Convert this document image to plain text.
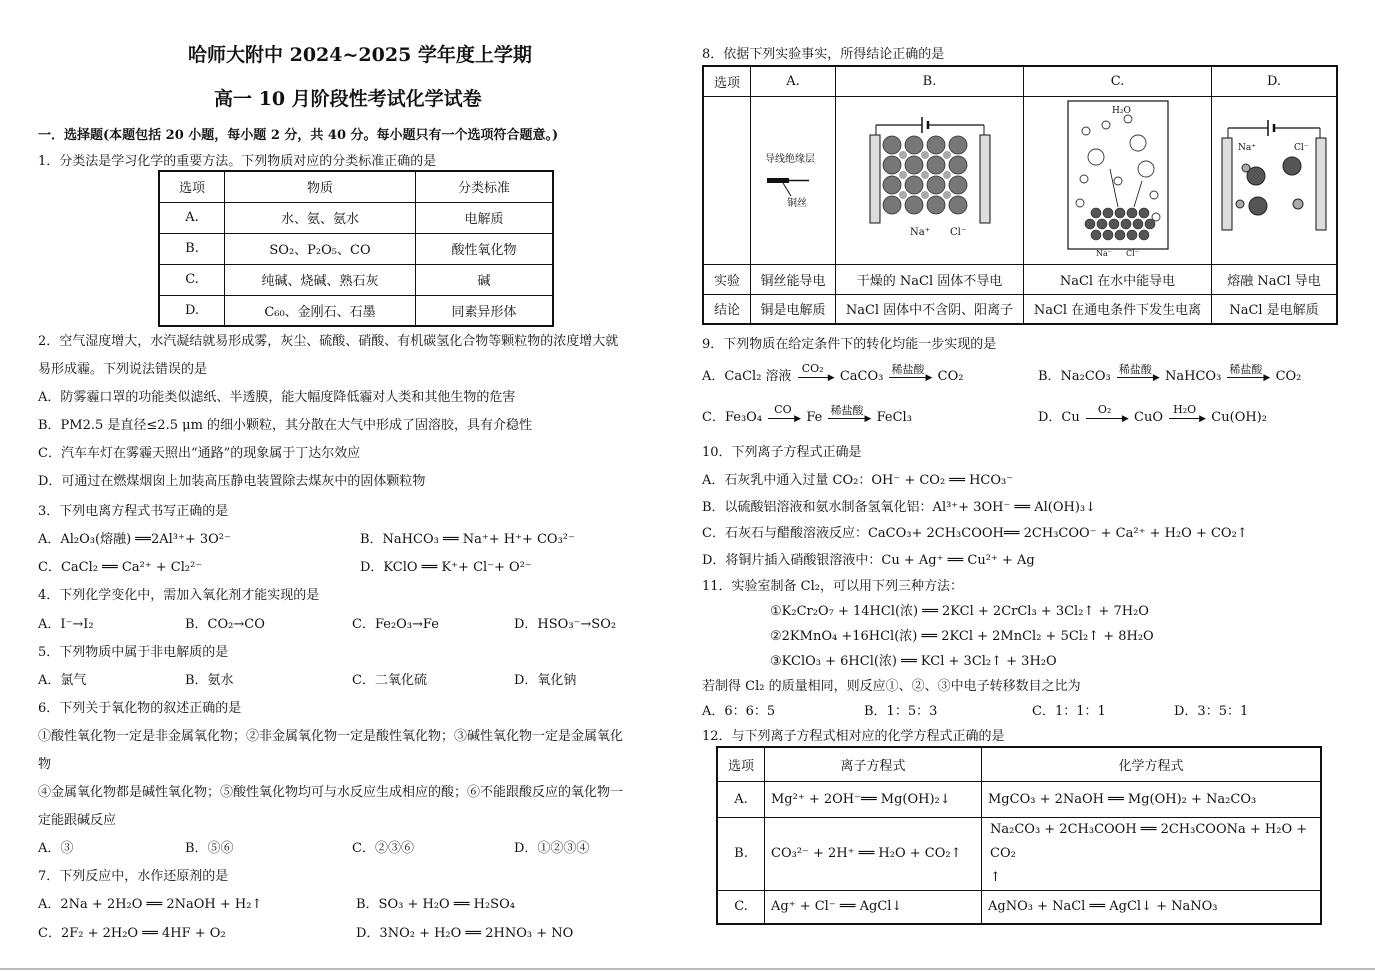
哈师大附中 2024~2025 学年度上学期
高一 10 月阶段性考试化学试卷
一．选择题(本题包括 20 小题，每小题 2 分，共 40 分。每小题只有一个选项符合题意。)
1．分类法是学习化学的重要方法。下列物质对应的分类标准正确的是
选项	物质	分类标准
A.	水、氨、氨水	电解质
B.	SO₂、P₂O₅、CO	酸性氧化物
C.	纯碱、烧碱、熟石灰	碱
D.	C₆₀、金刚石、石墨	同素异形体
2．空气湿度增大，水汽凝结就易形成雾，灰尘、硫酸、硝酸、有机碳氢化合物等颗粒物的浓度增大就
易形成霾。下列说法错误的是
A．防雾霾口罩的功能类似滤纸、半透膜，能大幅度降低霾对人类和其他生物的危害
B．PM2.5 是直径≤2.5 μm 的细小颗粒，其分散在大气中形成了固溶胶，具有介稳性
C．汽车车灯在雾霾天照出“通路”的现象属于丁达尔效应
D．可通过在燃煤烟囱上加装高压静电装置除去煤灰中的固体颗粒物
3．下列电离方程式书写正确的是
A．Al₂O₃(熔融) ══2Al³⁺+ 3O²⁻	B．NaHCO₃ ══ Na⁺+ H⁺+ CO₃²⁻
C．CaCl₂ ══ Ca²⁺ + Cl₂²⁻	D．KClO ══ K⁺+ Cl⁻+ O²⁻
4．下列化学变化中，需加入氧化剂才能实现的是
A．I⁻→I₂	B．CO₂→CO	C．Fe₂O₃→Fe	D．HSO₃⁻→SO₂
5．下列物质中属于非电解质的是
A．氯气	B．氨水	C．二氧化硫	D．氧化钠
6．下列关于氧化物的叙述正确的是
①酸性氧化物一定是非金属氧化物；②非金属氧化物一定是酸性氧化物；③碱性氧化物一定是金属氧化
物
④金属氧化物都是碱性氧化物；⑤酸性氧化物均可与水反应生成相应的酸；⑥不能跟酸反应的氧化物一
定能跟碱反应
A．③	B．⑤⑥	C．②③⑥	D．①②③④
7．下列反应中，水作还原剂的是
A．2Na + 2H₂O ══ 2NaOH + H₂↑	B．SO₃ + H₂O ══ H₂SO₄
C．2F₂ + 2H₂O ══ 4HF + O₂	D．3NO₂ + H₂O ══ 2HNO₃ + NO
8．依据下列实验事实，所得结论正确的是
选项	A.	B.	C.	D.

导线绝缘层
铜丝	Na⁺ Cl⁻	H₂O
Na⁻ Cl⁻	Na⁺ Cl⁻

实验	铜丝能导电	干燥的 NaCl 固体不导电	NaCl 在水中能导电	熔融 NaCl 导电
结论	铜是电解质	NaCl 固体中不含阴、阳离子	NaCl 在通电条件下发生电离	NaCl 是电解质
9．下列物质在给定条件下的转化均能一步实现的是
A．CaCl₂ 溶液
CO₂
▶ CaCO₃ 稀盐酸
▶ CO₂	B．Na₂CO₃ 稀盐酸
▶ NaHCO₃ 稀盐酸
▶ CO₂
C．Fe₃O₄
CO
▶ Fe 稀盐酸
▶ FeCl₃	D．Cu
O₂
▶ CuO
H₂O
▶ Cu(OH)₂
10．下列离子方程式正确是
A．石灰乳中通入过量 CO₂：OH⁻ + CO₂ ══ HCO₃⁻
B．以硫酸铝溶液和氨水制备氢氧化铝：Al³⁺+ 3OH⁻ ══ Al(OH)₃↓
C．石灰石与醋酸溶液反应：CaCO₃+ 2CH₃COOH══ 2CH₃COO⁻ + Ca²⁺ + H₂O + CO₂↑
D．将铜片插入硝酸银溶液中：Cu + Ag⁺ ══ Cu²⁺ + Ag
11．实验室制备 Cl₂，可以用下列三种方法：
①K₂Cr₂O₇ + 14HCl(浓) ══ 2KCl + 2CrCl₃ + 3Cl₂↑ + 7H₂O
②2KMnO₄ +16HCl(浓) ══ 2KCl + 2MnCl₂ + 5Cl₂↑ + 8H₂O
③KClO₃ + 6HCl(浓) ══ KCl + 3Cl₂↑ + 3H₂O
若制得 Cl₂ 的质量相同，则反应①、②、③中电子转移数目之比为
A．6：6：5	B．1：5：3	C．1：1：1	D．3：5：1
12．与下列离子方程式相对应的化学方程式正确的是
选项	离子方程式	化学方程式
A.	Mg²⁺ + 2OH⁻══ Mg(OH)₂↓	MgCO₃ + 2NaOH ══ Mg(OH)₂ + Na₂CO₃
B.	CO₃²⁻ + 2H⁺ ══ H₂O + CO₂↑	Na₂CO₃ + 2CH₃COOH ══ 2CH₃COONa + H₂O + CO₂
↑

C.	Ag⁺ + Cl⁻ ══ AgCl↓	AgNO₃ + NaCl ══ AgCl↓ + NaNO₃
